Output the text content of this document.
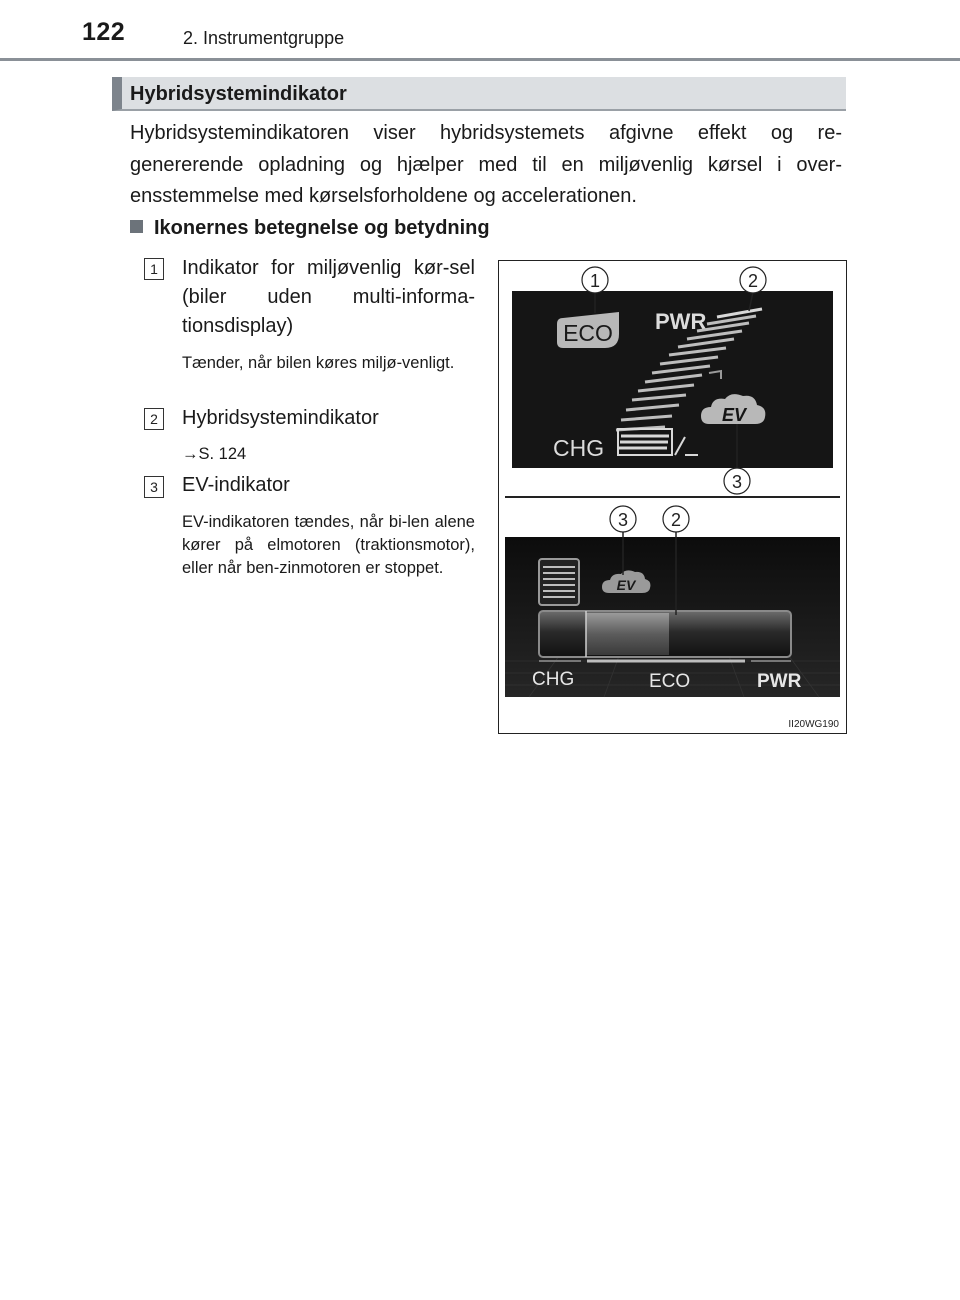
122	2. Instrumentgruppe
Hybridsystemindikator
Hybridsystemindikatoren viser hybridsystemets afgivne effekt og re-genererende opladning og hjælper med til en miljøvenlig kørsel i over-ensstemmelse med kørselsforholdene og accelerationen.
Ikonernes betegnelse og betydning
1	Indikator for miljøvenlig kør-sel (biler uden multi-informa-tionsdisplay)
Tænder, når bilen køres miljø-venligt.
2	Hybridsystemindikator
→S. 124
3	EV-indikator
EV-indikatoren tændes, når bi-len alene kører på elmotoren (traktionsmotor), eller når ben-zinmotoren er stoppet.
ECO PWR
CHG
EV
1	2
3
EV
CHG	ECO	PWR
3 2
II20WG190
